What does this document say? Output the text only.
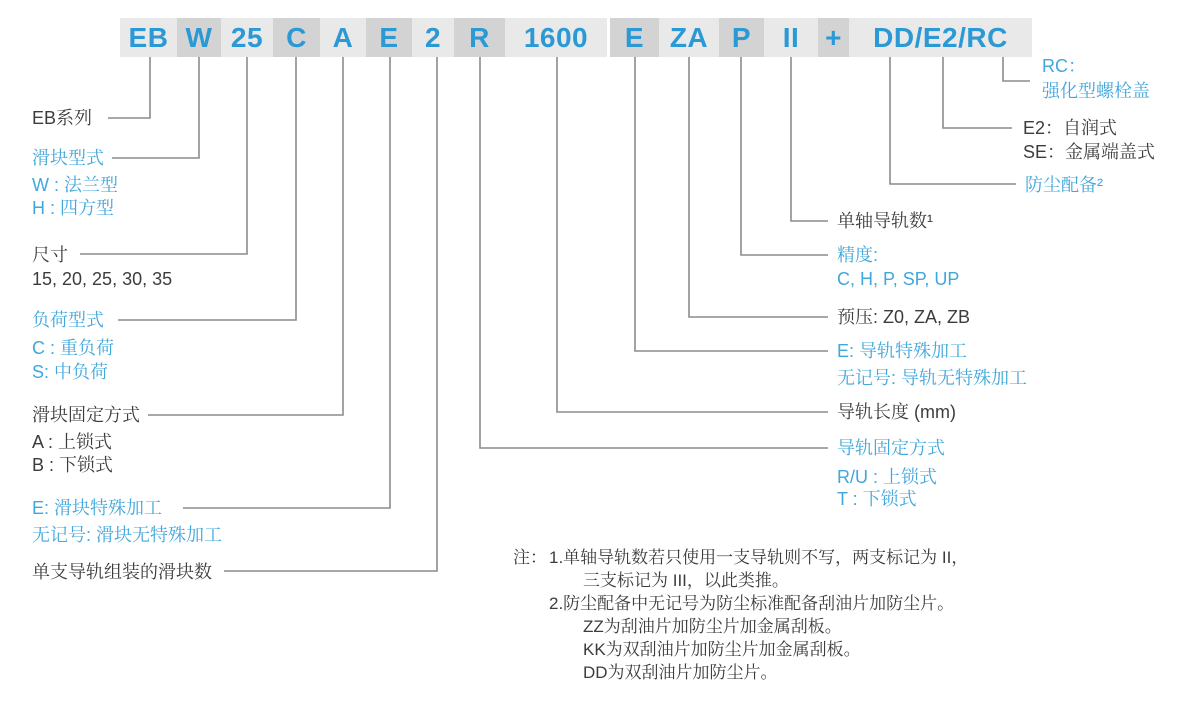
EB W 25 C A E 2	R	1600	E ZA P	II +	DD/E2/RC
EB系列
滑块型式
W : 法兰型
H : 四方型
尺寸
15, 20, 25, 30, 35
负荷型式
C : 重负荷
S: 中负荷
滑块固定方式
A : 上锁式
B : 下锁式
E: 滑块特殊加工
无记号: 滑块无特殊加工
单支导轨组装的滑块数
RC：
强化型螺栓盖
E2：自润式
SE：金属端盖式
防尘配备²
单轴导轨数¹
精度:
C, H, P, SP, UP
预压: Z0, ZA, ZB
E: 导轨特殊加工
无记号: 导轨无特殊加工
导轨长度 (mm)
导轨固定方式
R/U : 上锁式
T : 下锁式
注： 1.单轴导轨数若只使用一支导轨则不写，两支标记为 II，
三支标记为 III，以此类推。
2.防尘配备中无记号为防尘标准配备刮油片加防尘片。
ZZ为刮油片加防尘片加金属刮板。
KK为双刮油片加防尘片加金属刮板。
DD为双刮油片加防尘片。
